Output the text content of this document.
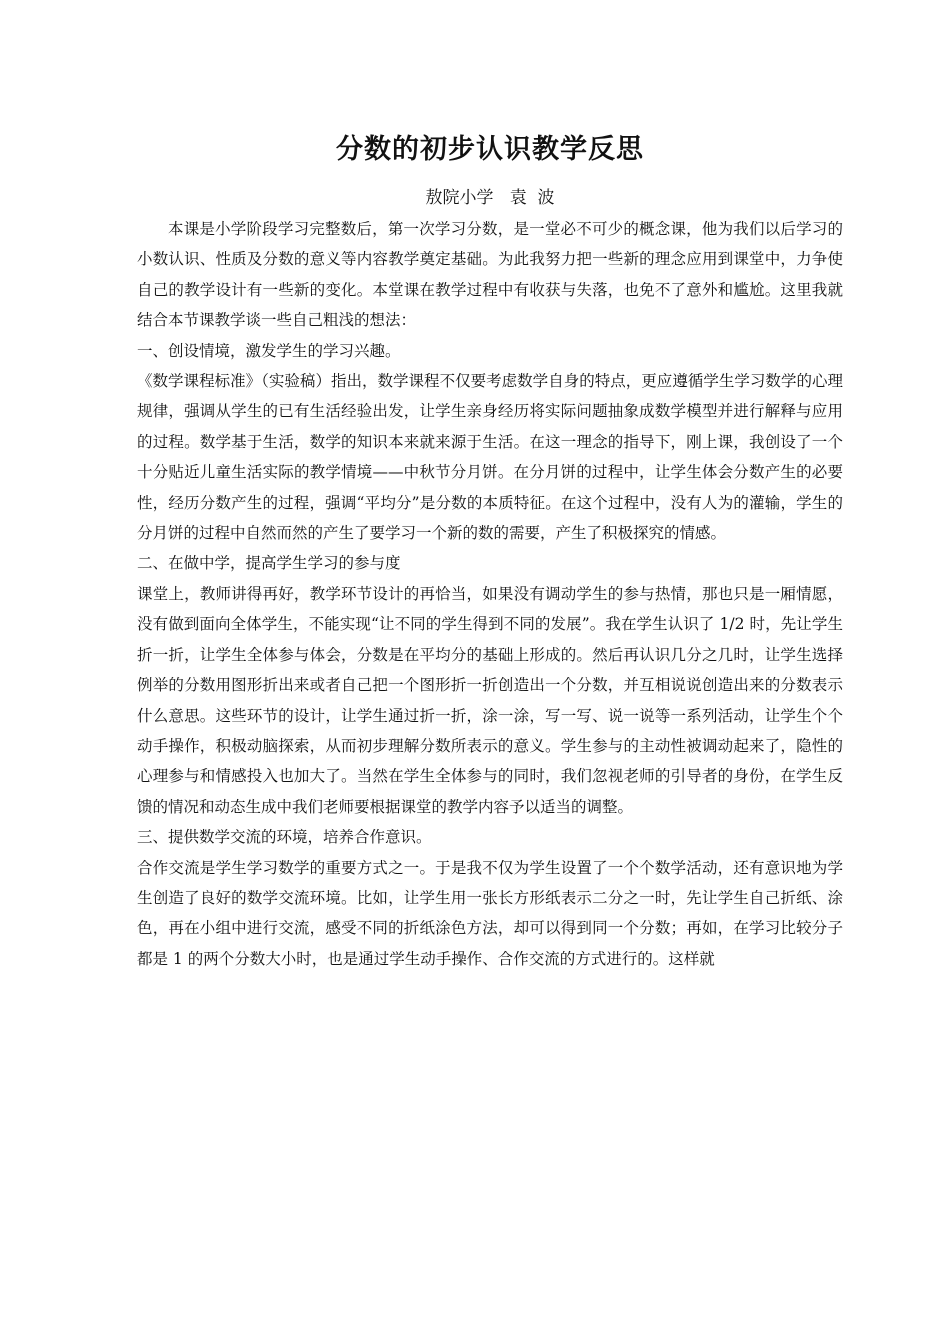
分数的初步认识教学反思
敖院小学   袁  波

本课是小学阶段学习完整数后，第一次学习分数，是一堂必不可少的概念课，他为我们以后学习的小数认识、性质及分数的意义等内容教学奠定基础。为此我努力把一些新的理念应用到课堂中，力争使自己的教学设计有一些新的变化。本堂课在教学过程中有收获与失落，也免不了意外和尴尬。这里我就结合本节课教学谈一些自己粗浅的想法：

一、创设情境，激发学生的学习兴趣。

《数学课程标准》（实验稿）指出，数学课程不仅要考虑数学自身的特点，更应遵循学生学习数学的心理规律，强调从学生的已有生活经验出发，让学生亲身经历将实际问题抽象成数学模型并进行解释与应用的过程。数学基于生活，数学的知识本来就来源于生活。在这一理念的指导下，刚上课，我创设了一个十分贴近儿童生活实际的教学情境——中秋节分月饼。在分月饼的过程中，让学生体会分数产生的必要性，经历分数产生的过程，强调“平均分”是分数的本质特征。在这个过程中，没有人为的灌输，学生的分月饼的过程中自然而然的产生了要学习一个新的数的需要，产生了积极探究的情感。

二、在做中学，提高学生学习的参与度

课堂上，教师讲得再好，教学环节设计的再恰当，如果没有调动学生的参与热情，那也只是一厢情愿，没有做到面向全体学生，不能实现“让不同的学生得到不同的发展”。我在学生认识了 1/2 时，先让学生折一折，让学生全体参与体会，分数是在平均分的基础上形成的。然后再认识几分之几时，让学生选择例举的分数用图形折出来或者自己把一个图形折一折创造出一个分数，并互相说说创造出来的分数表示什么意思。这些环节的设计，让学生通过折一折，涂一涂，写一写、说一说等一系列活动，让学生个个动手操作，积极动脑探索，从而初步理解分数所表示的意义。学生参与的主动性被调动起来了，隐性的心理参与和情感投入也加大了。当然在学生全体参与的同时，我们忽视老师的引导者的身份，在学生反馈的情况和动态生成中我们老师要根据课堂的教学内容予以适当的调整。

三、提供数学交流的环境，培养合作意识。

合作交流是学生学习数学的重要方式之一。于是我不仅为学生设置了一个个数学活动，还有意识地为学生创造了良好的数学交流环境。比如，让学生用一张长方形纸表示二分之一时，先让学生自己折纸、涂色，再在小组中进行交流，感受不同的折纸涂色方法，却可以得到同一个分数；再如，在学习比较分子都是 1 的两个分数大小时，也是通过学生动手操作、合作交流的方式进行的。这样就
